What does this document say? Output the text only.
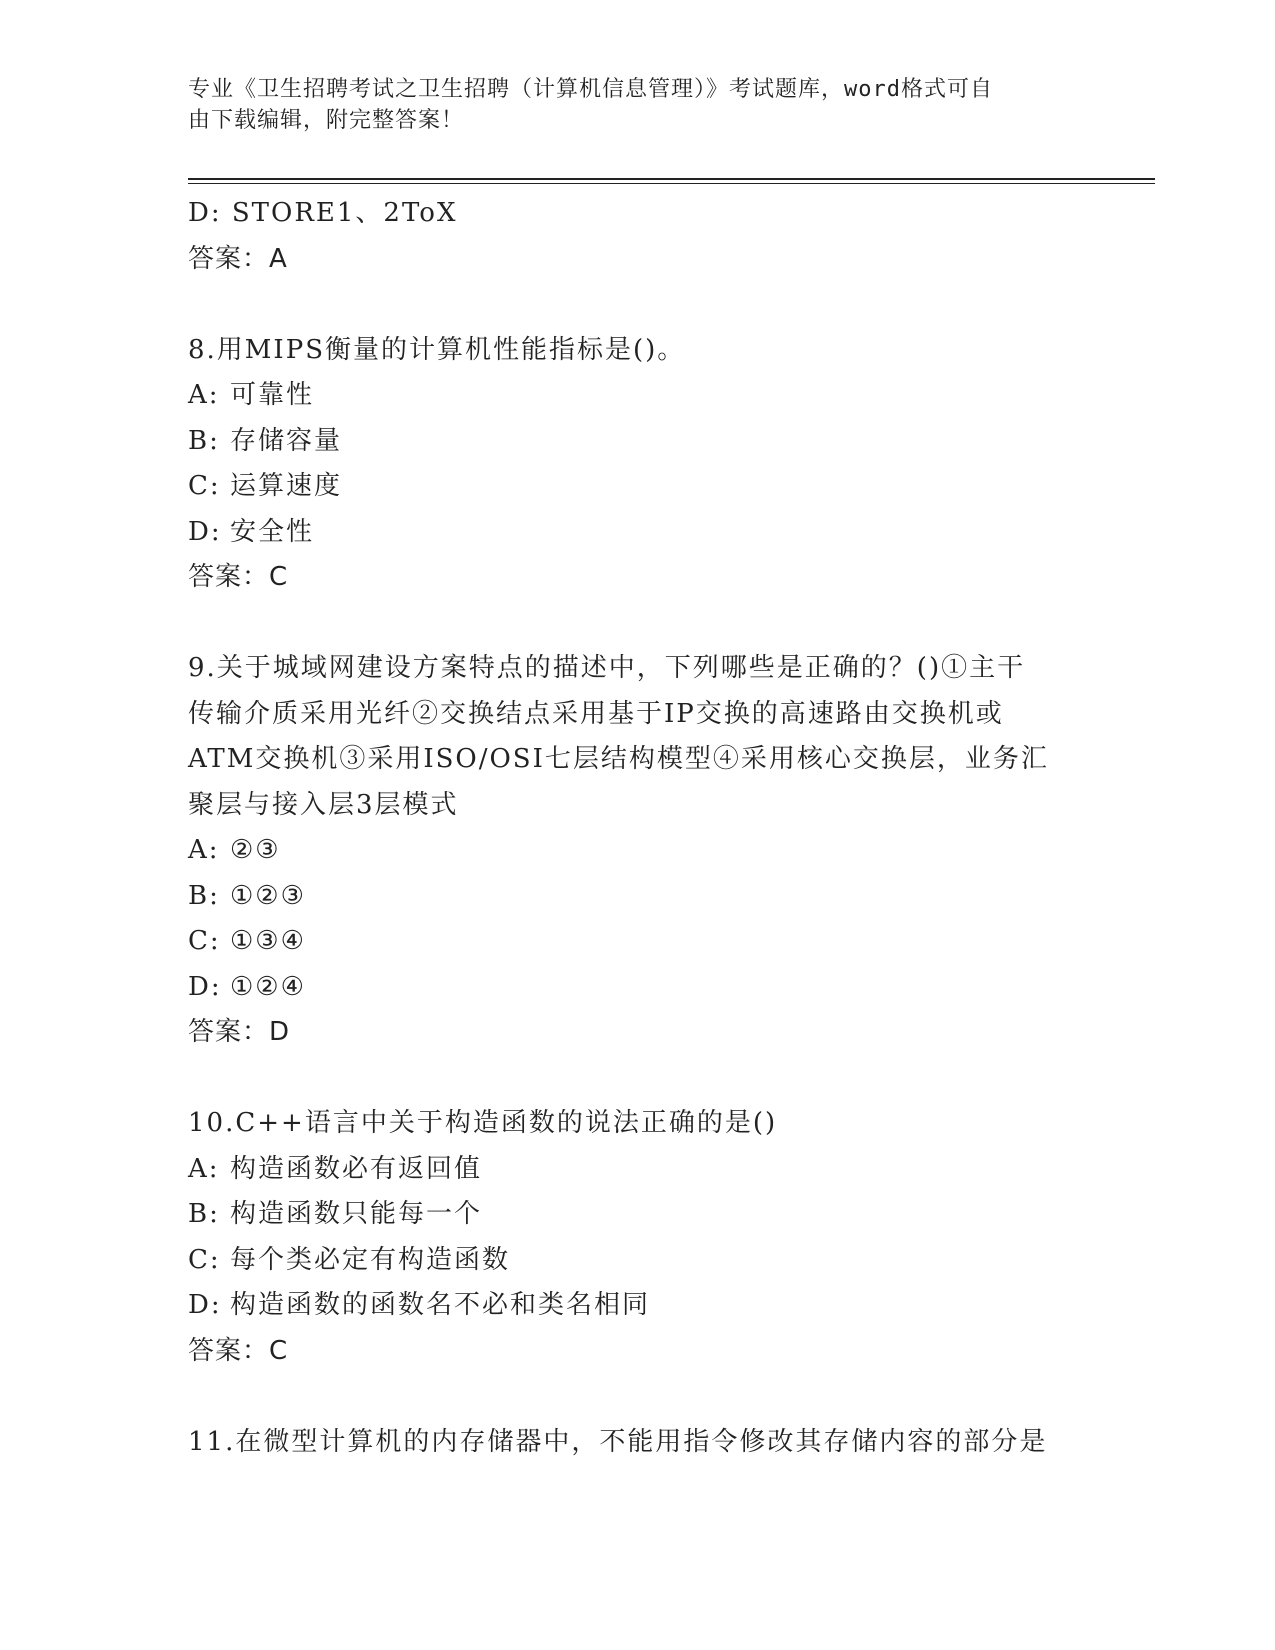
专业《卫生招聘考试之卫生招聘（计算机信息管理）》考试题库，word格式可自
由下载编辑，附完整答案！
D: STORE1、2ToX
答案：A
8.用MIPS衡量的计算机性能指标是()。
A: 可靠性
B: 存储容量
C: 运算速度
D: 安全性
答案：C
9.关于城域网建设方案特点的描述中，下列哪些是正确的？()①主干
传输介质采用光纤②交换结点采用基于IP交换的高速路由交换机或
ATM交换机③采用ISO/OSI七层结构模型④采用核心交换层，业务汇
聚层与接入层3层模式
A: ②③
B: ①②③
C: ①③④
D: ①②④
答案：D
10.C++语言中关于构造函数的说法正确的是()
A: 构造函数必有返回值
B: 构造函数只能每一个
C: 每个类必定有构造函数
D: 构造函数的函数名不必和类名相同
答案：C
11.在微型计算机的内存储器中，不能用指令修改其存储内容的部分是
